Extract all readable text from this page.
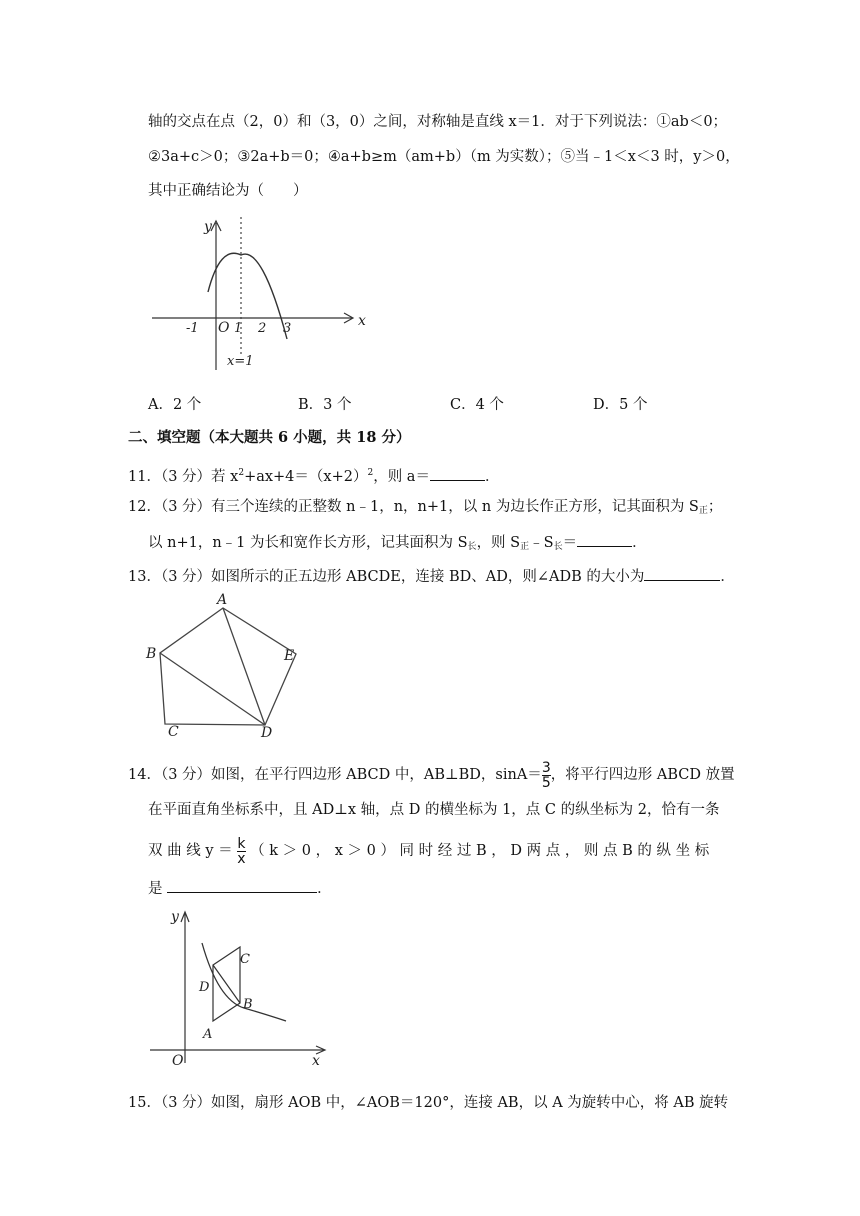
轴的交点在点（2，0）和（3，0）之间，对称轴是直线 x＝1．对于下列说法：①ab＜0；
②3a+c＞0；③2a+b＝0；④a+b≥m（am+b）（m 为实数）；⑤当﹣1＜x＜3 时，y＞0，
其中正确结论为（　　）
y
x
O
-1	1 2 3
x=1
A．2 个	B．3 个	C．4 个	D．5 个
二、填空题（本大题共 6 小题，共 18 分）
11．（3 分）若 $x^2+ax+4=(x+2)^2$，则 a＝	．
12．（3 分）有三个连续的正整数 n﹣1，n，n+1，以 n 为边长作正方形，记其面积为 $S_正$；
以 n+1，n﹣1 为长和宽作长方形，记其面积为 $S_长$，则 $S_正﹣S_长=$	．
13．（3 分）如图所示的正五边形 ABCDE，连接 BD、AD，则∠ADB 的大小为	．
A
B
C	D
E
14．（3 分）如图，在平行四边形 ABCD 中，AB⊥BD，$\sin A= \frac{3}{5}$ ，将平行四边形 ABCD 放置
在平面直角坐标系中，且 AD⊥x 轴，点 D 的横坐标为 1，点 C 的纵坐标为 2，恰有一条
双 曲 线 $y = \frac{k}{x}$ （ k ＞ 0 ， x ＞ 0 ） 同 时 经 过 B ， D 两 点 ， 则 点 B 的 纵 坐 标
是	．
y
x
O
A
B
C
D
15．（3 分）如图，扇形 AOB 中，∠AOB＝120°，连接 AB，以 A 为旋转中心，将 AB 旋转
